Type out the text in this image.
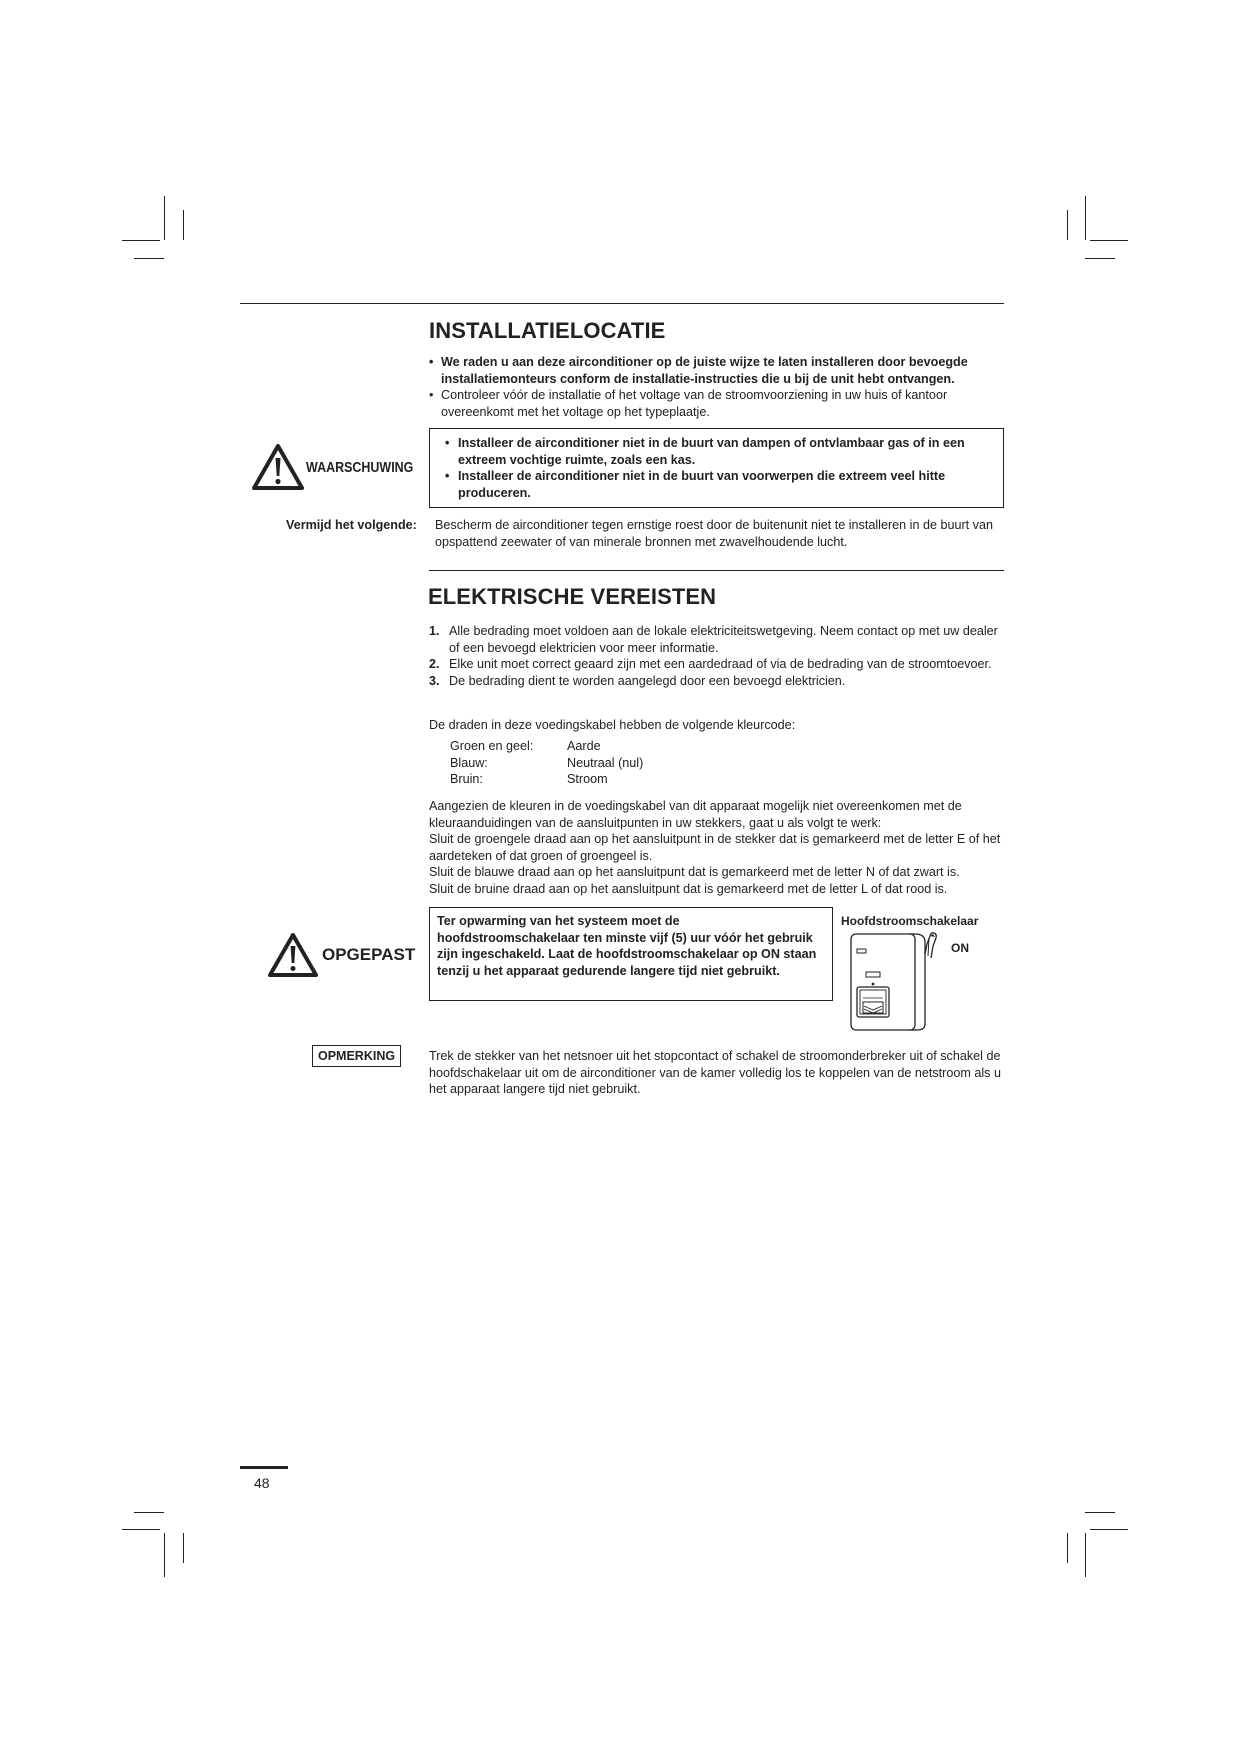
INSTALLATIELOCATIE
• We raden u aan deze airconditioner op de juiste wijze te laten installeren door bevoegde installatiemonteurs conform de installatie-instructies die u bij de unit hebt ontvangen.
• Controleer vóór de installatie of het voltage van de stroomvoorziening in uw huis of kantoor overeenkomt met het voltage op het typeplaatje.
WAARSCHUWING
• Installeer de airconditioner niet in de buurt van dampen of ontvlambaar gas of in een extreem vochtige ruimte, zoals een kas.
• Installeer de airconditioner niet in de buurt van voorwerpen die extreem veel hitte produceren.
Vermijd het volgende: Bescherm de airconditioner tegen ernstige roest door de buitenunit niet te installeren in de buurt van opspattend zeewater of van minerale bronnen met zwavelhoudende lucht.
ELEKTRISCHE VEREISTEN
1. Alle bedrading moet voldoen aan de lokale elektriciteitswetgeving. Neem contact op met uw dealer of een bevoegd elektricien voor meer informatie.
2. Elke unit moet correct geaard zijn met een aardedraad of via de bedrading van de stroomtoevoer.
3. De bedrading dient te worden aangelegd door een bevoegd elektricien.
De draden in deze voedingskabel hebben de volgende kleurcode:
Groen en geel:	Aarde
Blauw:	Neutraal (nul)
Bruin:	Stroom
Aangezien de kleuren in de voedingskabel van dit apparaat mogelijk niet overeenkomen met de kleuraanduidingen van de aansluitpunten in uw stekkers, gaat u als volgt te werk:
Sluit de groengele draad aan op het aansluitpunt in de stekker dat is gemarkeerd met de letter E of het aardeteken of dat groen of groengeel is.
Sluit de blauwe draad aan op het aansluitpunt dat is gemarkeerd met de letter N of dat zwart is.
Sluit de bruine draad aan op het aansluitpunt dat is gemarkeerd met de letter L of dat rood is.
OPGEPAST
Ter opwarming van het systeem moet de hoofdstroomschakelaar ten minste vijf (5) uur vóór het gebruik zijn ingeschakeld. Laat de hoofdstroomschakelaar op ON staan tenzij u het apparaat gedurende langere tijd niet gebruikt.
Hoofdstroomschakelaar
ON
OPMERKING	Trek de stekker van het netsnoer uit het stopcontact of schakel de stroomonderbreker uit of schakel de hoofdschakelaar uit om de airconditioner van de kamer volledig los te koppelen van de netstroom als u het apparaat langere tijd niet gebruikt.
48
